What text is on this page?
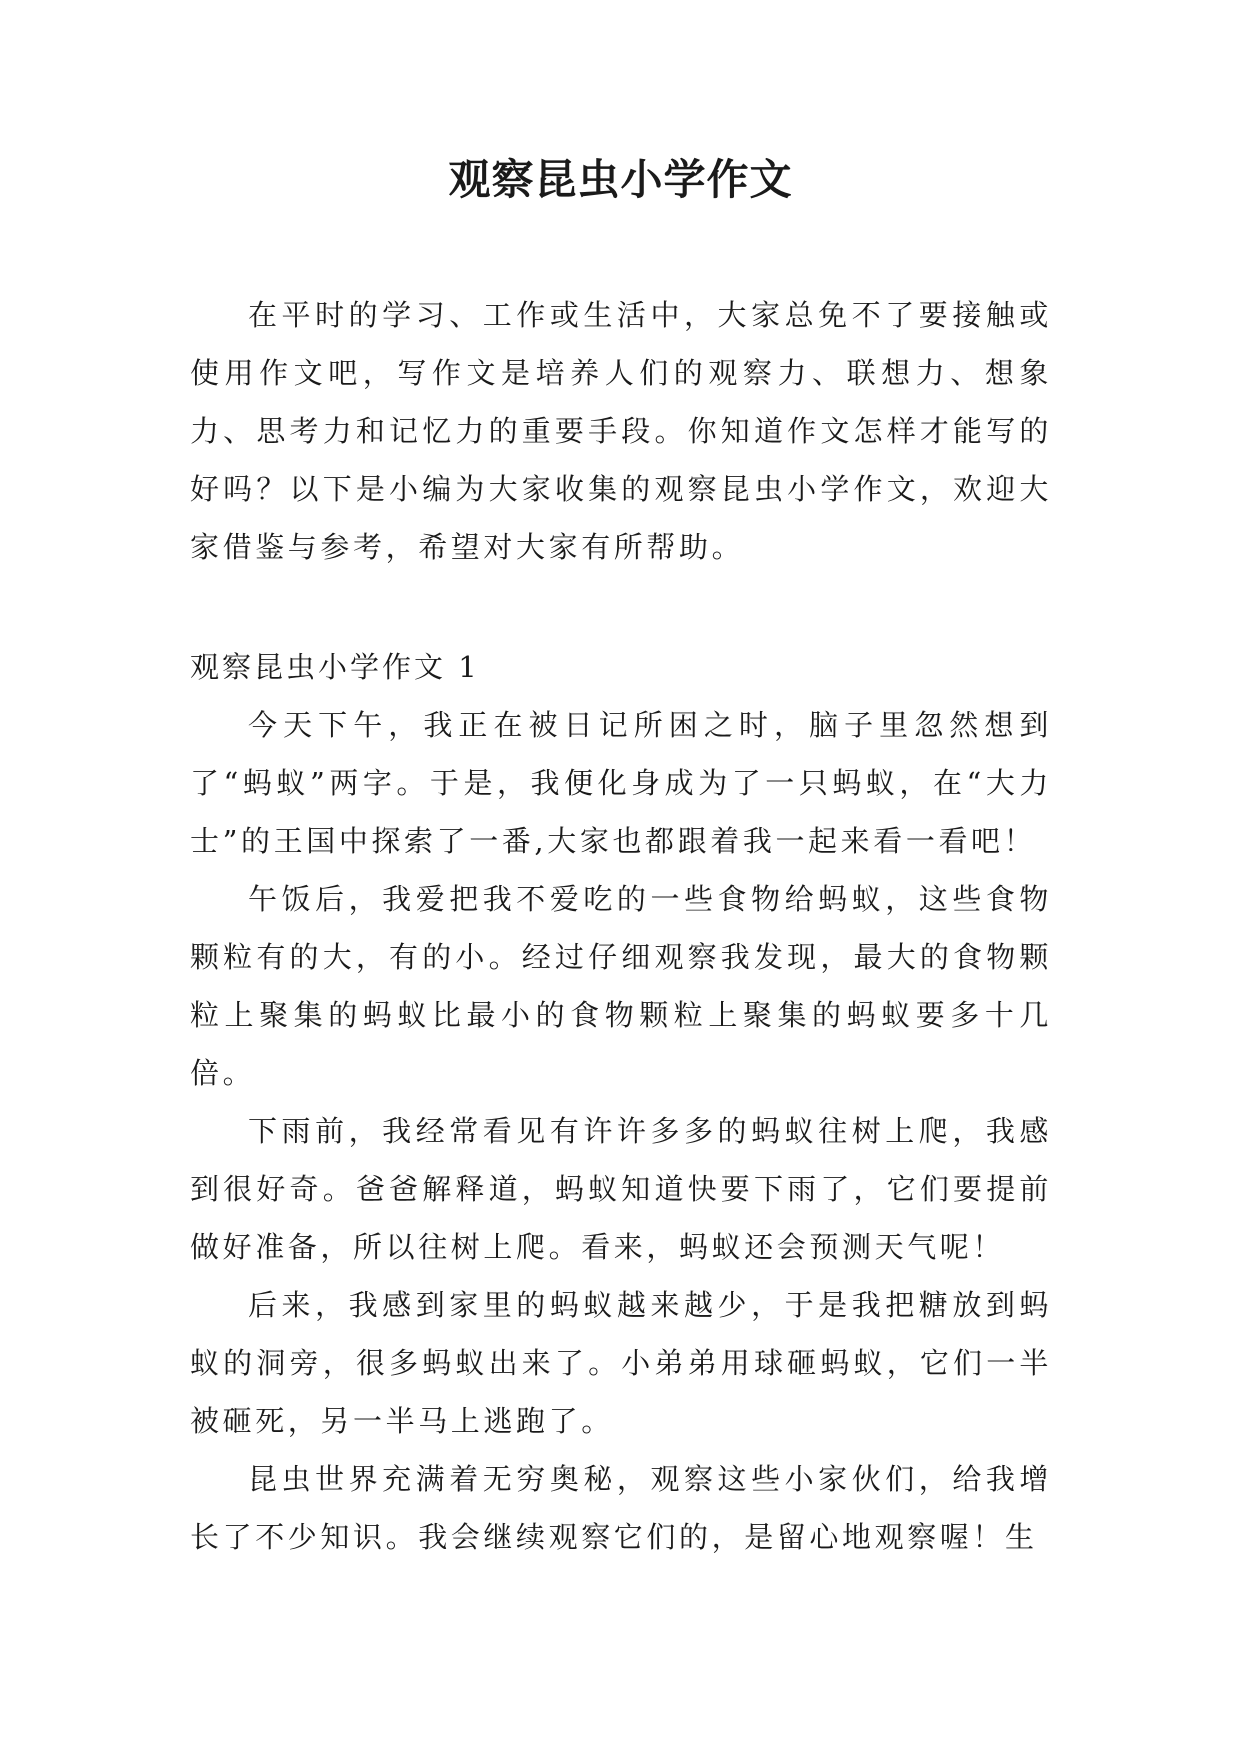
观察昆虫小学作文

在平时的学习、工作或生活中，大家总免不了要接触或使用作文吧，写作文是培养人们的观察力、联想力、想象力、思考力和记忆力的重要手段。你知道作文怎样才能写的好吗？以下是小编为大家收集的观察昆虫小学作文，欢迎大家借鉴与参考，希望对大家有所帮助。

观察昆虫小学作文 1

今天下午，我正在被日记所困之时，脑子里忽然想到了“蚂蚁”两字。于是，我便化身成为了一只蚂蚁，在“大力士”的王国中探索了一番,大家也都跟着我一起来看一看吧！

午饭后，我爱把我不爱吃的一些食物给蚂蚁，这些食物颗粒有的大，有的小。经过仔细观察我发现，最大的食物颗粒上聚集的蚂蚁比最小的食物颗粒上聚集的蚂蚁要多十几倍。

下雨前，我经常看见有许许多多的蚂蚁往树上爬，我感到很好奇。爸爸解释道，蚂蚁知道快要下雨了，它们要提前做好准备，所以往树上爬。看来，蚂蚁还会预测天气呢！

后来，我感到家里的蚂蚁越来越少，于是我把糖放到蚂蚁的洞旁，很多蚂蚁出来了。小弟弟用球砸蚂蚁，它们一半被砸死，另一半马上逃跑了。

昆虫世界充满着无穷奥秘，观察这些小家伙们，给我增长了不少知识。我会继续观察它们的，是留心地观察喔！生
